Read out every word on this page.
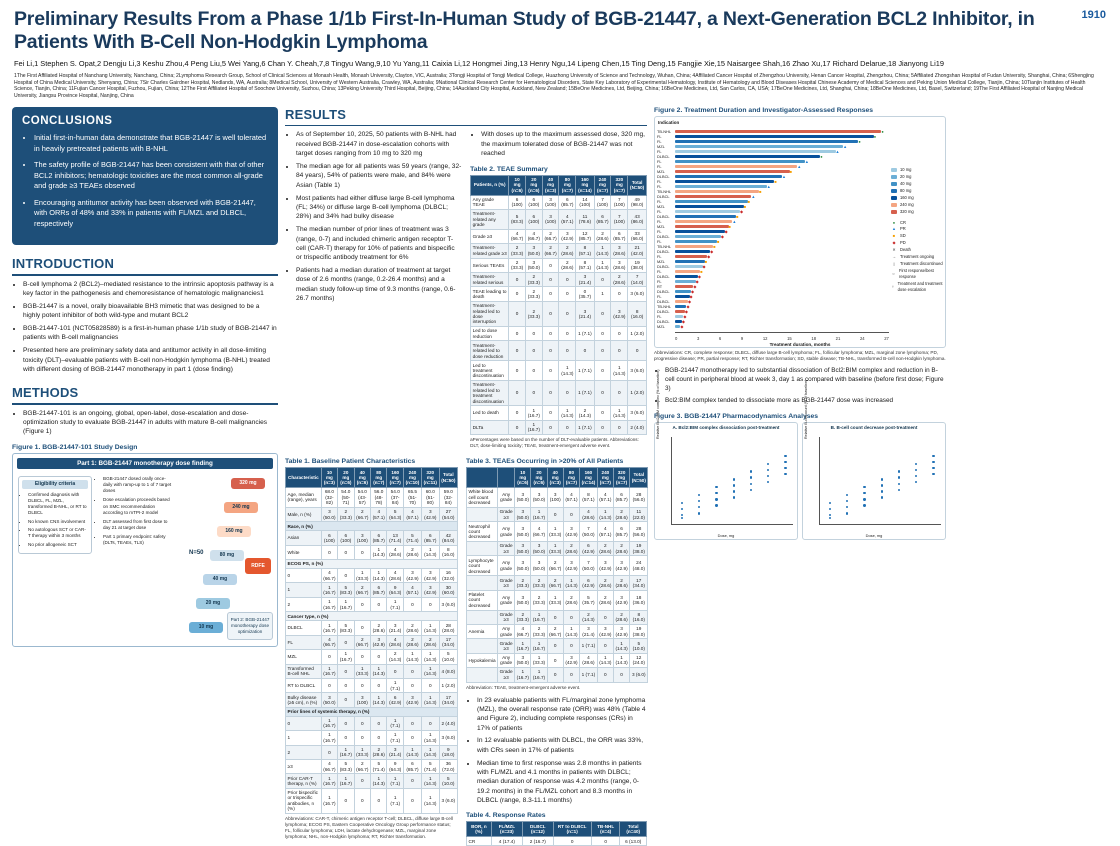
1910
Preliminary Results From a Phase 1/1b First-In-Human Study of BGB-21447, a Next-Generation BCL2 Inhibitor, in Patients With B-Cell Non-Hodgkin Lymphoma
Fei Li,1 Stephen S. Opat,2 Dengju Li,3 Keshu Zhou,4 Peng Liu,5 Wei Yang,6 Chan Y. Cheah,7,8 Tingyu Wang,9,10 Yu Yang,11 Caixia Li,12 Hongmei Jing,13 Henry Ngu,14 Lipeng Chen,15 Ting Deng,15 Fangjie Xie,15 Naisargee Shah,16 Zhao Xu,17 Richard Delarue,18 Jianyong Li19
1The First Affiliated Hospital of Nanchang University, Nanchang, China; 2Lymphoma Research Group, School of Clinical Sciences at Monash Health, Monash University, Clayton, VIC, Australia; 3Tongji Hospital of Tongji Medical College, Huazhong University of Science and Technology, Wuhan, China; 4Affiliated Cancer Hospital of Zhengzhou University, Henan Cancer Hospital, Zhengzhou, China; 5Affiliated Zhongshan Hospital of Fudan University, Shanghai, China; 6Shengjing Hospital of China Medical University, Shenyang, China; 7Sir Charles Gairdner Hospital, Nedlands, WA, Australia; 8Medical School, University of Western Australia, Crawley, WA, Australia; 9National Clinical Research Center for Hematological Disorders, State Key Laboratory of Experimental Hematology, Institute of Hematology and Blood Diseases Hospital Chinese Academy of Medical Sciences and Peking Union Medical College, Tianjin, China; 10Tianjin Institutes of Health Science, Tianjin, China; 11Fujian Cancer Hospital, Fuzhou, Fujian, China; 12The First Affiliated Hospital of Soochow University, Suzhou, China; 13Peking University Third Hospital, Beijing, China; 14Auckland City Hospital, Auckland, New Zealand; 15BeOne Medicines, Ltd, Beijing, China; 16BeOne Medicines, Ltd, San Carlos, CA, USA; 17BeOne Medicines, Ltd, Shanghai, China; 18BeOne Medicines, Ltd, Basel, Switzerland; 19The First Affiliated Hospital of Nanjing Medical University, Jiangsu Province Hospital, Nanjing, China
CONCLUSIONS
• Initial first-in-human data demonstrate that BGB-21447 is well tolerated in heavily pretreated patients with B-NHL
• The safety profile of BGB-21447 has been consistent with that of other BCL2 inhibitors; hematologic toxicities are the most common all-grade and grade ≥3 TEAEs observed
• Encouraging antitumor activity has been observed with BGB-21447, with ORRs of 48% and 33% in patients with FL/MZL and DLBCL, respectively
INTRODUCTION
• B-cell lymphoma 2 (BCL2)–mediated resistance to the intrinsic apoptosis pathway is a key factor in the pathogenesis and chemoresistance of hematologic malignancies1
• BGB-21447 is a novel, orally bioavailable BH3 mimetic that was designed to be a highly potent inhibitor of both wild-type and mutant BCL2
• BGB-21447-101 (NCT05828589) is a first-in-human phase 1/1b study of BGB-21447 in patients with B-cell malignancies
• Presented here are preliminary safety data and antitumor activity in all dose-limiting toxicity (DLT)–evaluable patients with B-cell non-Hodgkin lymphoma (B-NHL) treated with different dosing of BGB-21447 monotherapy in part 1 (dose finding)
METHODS
• BGB-21447-101 is an ongoing, global, open-label, dose-escalation and dose-optimization study to evaluate BGB-21447 in adults with mature B-cell malignancies (Figure 1)
Figure 1. BGB-21447-101 Study Design
Part 1: BGB-21447 monotherapy dose finding
Eligibility criteria
• Confirmed diagnosis with DLBCL, FL, MZL, transformed B-NHL, or RT to DLBCL
• No known CNS involvement
• No autologous SCT or CAR-T therapy within 3 months
• No prior allogeneic SCT
• BGB-21447 dosed orally once-daily with ramp-up to 1 of 7 target doses
• Dose escalation proceeds based on SMC recommendation according to mTPI-2 model
• DLT assessed from first dose to day 21 at target dose
• Part 1 primary endpoint: safety (DLTs, TEAEs, TLS)
320 mg
240 mg
160 mg
80 mg
40 mg
20 mg
10 mg
N=50
RDFE
Part 2: BGB-21447 monotherapy dose optimization
RESULTS
• As of September 10, 2025, 50 patients with B-NHL had received BGB-21447 in dose-escalation cohorts with target doses ranging from 10 mg to 320 mg
• The median age for all patients was 59 years (range, 32-84 years), 54% of patients were male, and 84% were Asian (Table 1)
• Most patients had either diffuse large B-cell lymphoma (FL; 34%) or diffuse large B-cell lymphoma (DLBCL; 28%) and 34% had bulky disease
• The median number of prior lines of treatment was 3 (range, 0-7) and included chimeric antigen receptor T-cell (CAR-T) therapy for 10% of patients and bispecific or trispecific antibody treatment for 6%
• Patients had a median duration of treatment at target dose of 2.6 months (range, 0.2-26.4 months) and a median study follow-up time of 9.3 months (range, 0.6-26.7 months)
• With doses up to the maximum assessed dose, 320 mg, the maximum tolerated dose of BGB-21447 was not reached
Table 2. TEAE Summary
Patients, n (%)	10 mg (n=6)	20 mg (n=6)	40 mg (n=3)	80 mg (n=7)	160 mg (n=14)	240 mg (n=7)	320 mg (n=7)	Total (N=50)
Any grade TEAE	6 (100)	6 (100)	3 (100)	6 (85.7)	14 (100)	7 (100)	7 (100)	49 (98.0)
Treatment-related any grade	5 (83.3)	6 (100)	3 (100)	4 (57.1)	11 (78.6)	6 (85.7)	7 (100)	43 (86.0)
Grade ≥3	4 (66.7)	4 (66.7)	2 (66.7)	3 (42.9)	12 (85.7)	2 (28.6)	6 (85.7)	33 (66.0)
Treatment-related grade ≥3	2 (33.3)	3 (50.0)	2 (66.7)	2 (28.6)	8 (57.1)	1 (14.3)	3 (28.6)	21 (42.0)
Serious TEAEs	2 (33.3)	3 (50.0)	0	2 (28.6)	8 (57.1)	1 (14.3)	3 (28.6)	19 (38.0)
Treatment-related serious	0	2 (33.3)	0	0	3 (21.4)	0	2 (28.6)	7 (14.0)
TEAE leading to death	0	2 (33.3)	0	0	0 (35.7)	1	0	3 (6.0)
Treatment-related led to dose interruption	0	2 (33.3)	0	0	3 (21.4)	0	3 (42.9)	8 (16.0)
Led to dose reduction	0	0	0	0	1 (7.1)	0	0	1 (2.0)
Treatment-related led to dose reduction	0	0	0	0	0	0	0	0
Led to treatment discontinuation	0	0	0	1 (14.3)	1 (7.1)	0	1 (14.3)	3 (6.0)
Treatment-related led to treatment discontinuation	0	0	0	0	1 (7.1)	0	0	1 (2.0)
Led to death	0	1 (16.7)	0	1 (14.3)	2 (14.3)	0	1 (14.3)	3 (6.0)
DLTa	0	1 (16.7)	0	0	1 (7.1)	0	0	2 (4.0)
aPercentages were based on the number of DLT-evaluable patients. Abbreviations: DLT, dose-limiting toxicity; TEAE, treatment-emergent adverse event.
Table 1. Baseline Patient Characteristics
Characteristic	10 mg (n=3)	20 mg (n=6)	40 mg (n=6)	80 mg (n=7)	160 mg (n=7)	240 mg (n=10)	320 mg (n=11)	Total (N=50)
Age, median (range), years	68.0 (32-82)	54.0 (50-71)	54.0 (43-57)	56.0 (48-78)	54.0 (37-84)	65.5 (51-70)	60.0 (51-80)	59.0 (32-84)
Male, n (%)	3 (50.0)	2 (33.3)	2 (66.7)	4 (57.1)	5 (64.3)	4 (57.1)	3 (42.9)	27 (54.0)
Race, n (%)								
Asian	6 (100)	6 (100)	3 (100)	6 (85.7)	13 (71.4)	5 (71.4)	6 (85.7)	42 (84.0)
White	0	0	0	1 (14.3)	4 (28.6)	2 (28.6)	1 (14.3)	8 (16.0)
ECOG PS, n (%)								
0	4 (66.7)	0	1 (33.3)	1 (14.3)	4 (28.6)	3 (42.9)	3 (42.9)	16 (32.0)
1	1 (16.7)	5 (83.3)	2 (66.7)	6 (85.7)	9 (64.3)	4 (57.1)	3 (42.9)	30 (60.0)
2	1 (16.7)	1 (16.7)	0	0	1 (7.1)	0	0	3 (6.0)
Cancer type, n (%)								
DLBCL	1 (16.7)	5 (83.3)	0	2 (28.6)	3 (21.4)	2 (28.6)	1 (14.3)	28 (28.0)
FL	4 (66.7)	0	2 (66.7)	3 (42.9)	4 (28.6)	2 (28.6)	2 (28.6)	17 (34.0)
MZL	0	1 (16.7)	0	0	2 (14.3)	1 (14.3)	1 (14.3)	5 (10.0)
Transformed B-cell NHL	1 (16.7)	0	1 (33.3)	1 (14.3)	0	0	1 (14.3)	4 (8.0)
RT to DLBCL	0	0	0	0	1 (7.1)	0	0	1 (2.0)
Bulky disease (≥5 cm), n (%)	3 (50.0)	0	3 (100)	1 (14.3)	6 (42.9)	3 (42.9)	1 (14.3)	17 (34.0)
Prior lines of systemic therapy, n (%)								
0	1 (16.7)	0	0	0	1 (7.1)	0	0	2 (4.0)
1	1 (16.7)	0	0	0	1 (7.1)	0	1 (14.3)	3 (6.0)
2	0	1 (16.7)	1 (33.3)	2 (28.6)	3 (21.4)	1 (14.3)	1 (14.3)	9 (18.0)
≥3	4 (66.7)	5 (83.3)	2 (66.7)	5 (71.4)	9 (64.3)	6 (85.7)	5 (71.4)	36 (72.0)
Prior CAR-T therapy, n (%)	1 (16.7)	1 (16.7)	0	1 (14.3)	1 (7.1)	0	1 (14.3)	5 (10.0)
Prior bispecific or trispecific antibodies, n (%)	1 (16.7)	0	0	0	1 (7.1)	0	1 (14.3)	3 (6.0)
Abbreviations: CAR-T, chimeric antigen receptor T-cell; DLBCL, diffuse large B-cell lymphoma; ECOG PS, Eastern Cooperative Oncology Group performance status; FL, follicular lymphoma; LDH, lactate dehydrogenase; MZL, marginal zone lymphoma; NHL, non-Hodgkin lymphoma; RT, Richter transformation.
Table 3. TEAEs Occurring in >20% of All Patients
		10 mg (n=6)	20 mg (n=6)	40 mg (n=3)	80 mg (n=7)	160 mg (n=14)	240 mg (n=7)	320 mg (n=7)	Total (N=50)
White blood cell count decreased	Any grade	3 (50.0)	3 (50.0)	3 (100)	4 (57.1)	8 (57.1)	4 (57.1)	6 (85.7)	28 (56.0)
	Grade ≥3	3 (50.0)	1 (16.7)	0	0	4 (28.6)	1 (14.3)	2 (28.6)	11 (22.0)
Neutrophil count decreased	Any grade	3 (50.0)	4 (66.7)	1 (33.3)	3 (42.9)	7 (50.0)	4 (57.1)	6 (85.7)	28 (56.0)
	Grade ≥3	3 (50.0)	3 (50.0)	1 (33.3)	2 (28.6)	6 (42.9)	2 (28.6)	2 (28.6)	19 (38.0)
Lymphocyte count decreased	Any grade	3 (50.0)	3 (50.0)	2 (66.7)	3 (42.9)	7 (50.0)	3 (42.9)	3 (42.9)	24 (48.0)
	Grade ≥3	2 (33.3)	2 (33.3)	2 (66.7)	1 (14.3)	6 (42.9)	2 (28.6)	2 (28.6)	17 (34.0)
Platelet count decreased	Any grade	3 (50.0)	2 (33.3)	1 (33.3)	2 (28.6)	5 (35.7)	2 (28.6)	3 (42.9)	18 (36.0)
	Grade ≥3	2 (33.3)	1 (16.7)	0	0	2 (14.3)	0	2 (28.6)	8 (16.0)
Anemia	Any grade	4 (66.7)	2 (33.3)	2 (66.7)	1 (14.3)	3 (21.4)	3 (42.9)	3 (42.9)	19 (38.0)
	Grade ≥3	1 (16.7)	1 (16.7)	0	0	1 (7.1)	0	1 (14.3)	5 (10.0)
Hypokalemia	Any grade	3 (50.0)	1 (33.3)	0	3 (42.9)	4 (28.6)	1 (14.3)	1 (14.3)	12 (24.0)
	Grade ≥3	1 (16.7)	1 (16.7)	0	0	1 (7.1)	0	0	3 (6.0)
Abbreviation: TEAE, treatment-emergent adverse event.
• In 23 evaluable patients with FL/marginal zone lymphoma (MZL), the overall response rate (ORR) was 48% (Table 4 and Figure 2), including complete responses (CRs) in 17% of patients
• In 12 evaluable patients with DLBCL, the ORR was 33%, with CRs seen in 17% of patients
• Median time to first response was 2.8 months in patients with FL/MZL and 4.1 months in patients with DLBCL; median duration of response was 4.2 months (range, 0-19.2 months) in the FL/MZL cohort and 8.3 months in DLBCL (range, 8.3-11.1 months)
Table 4. Response Rates
BOR, n (%)	FL/MZL (n=23)	DLBCL (n=12)	RT to DLBCL (n=1)	TB-NHL (n=4)	Total (n=40)
CR	4 (17.4)	2 (16.7)	0	0	6 (13.0)
Figure 2. Treatment Duration and Investigator-Assessed Responses
Indication
TB-NHL
FL
FL
MZL
FL
DLBCL
FL
FL
MZL
DLBCL
FL
FL
TB-NHL
DLBCL
FL
MZL
FL
DLBCL
FL
MZL
FL
DLBCL
FL
TB-NHL
DLBCL
FL
MZL
DLBCL
FL
DLBCL
FL
RT
DLBCL
FL
DLBCL
TB-NHL
DLBCL
FL
DLBCL
MZL
●
●
●
▲
▲
●
▲
▲
■
▲
■
▲
■
▲
■
■
◆
■
▲
■
◆
◆
■
■
◆
◆
■
◆
■
◆
◆
◆
◆
◆
◆
◆
◆
◆
◆
◆
0	3	6	9	12	15	18	21	24	27
Treatment duration, months
10 mg
20 mg
40 mg
80 mg
160 mg
240 mg
320 mg
●	CR
▲ PR
■	SD
◆	PD
✕	Death
→ Treatment ongoing
|	Treatment discontinued
○
First response/best response
↑
Treatment and treatment dose escalation
Abbreviations: CR, complete response; DLBCL, diffuse large B-cell lymphoma; FL, follicular lymphoma; MZL, marginal zone lymphoma; PD, progressive disease; PR, partial response; RT, Richter transformation; SD, stable disease; TB-NHL, transformed B-cell non-Hodgkin lymphoma.
• BGB-21447 monotherapy led to substantial dissociation of Bcl2:BIM complex and reduction in B-cell count in peripheral blood at week 3, day 1 as compared with baseline (before first dose; Figure 3)
• Bcl2:BIM complex tended to dissociate more as BGB-21447 dose was increased
Figure 3. BGB-21447 Pharmacodynamics Analyses
A. Bcl2:BIM complex dissociation post-treatment
Relative Bcl2:BIM complex (% of baseline)
Dose, mg
B. B-cell count decrease post-treatment
Relative B-cell count (% of baseline)
Dose, mg
